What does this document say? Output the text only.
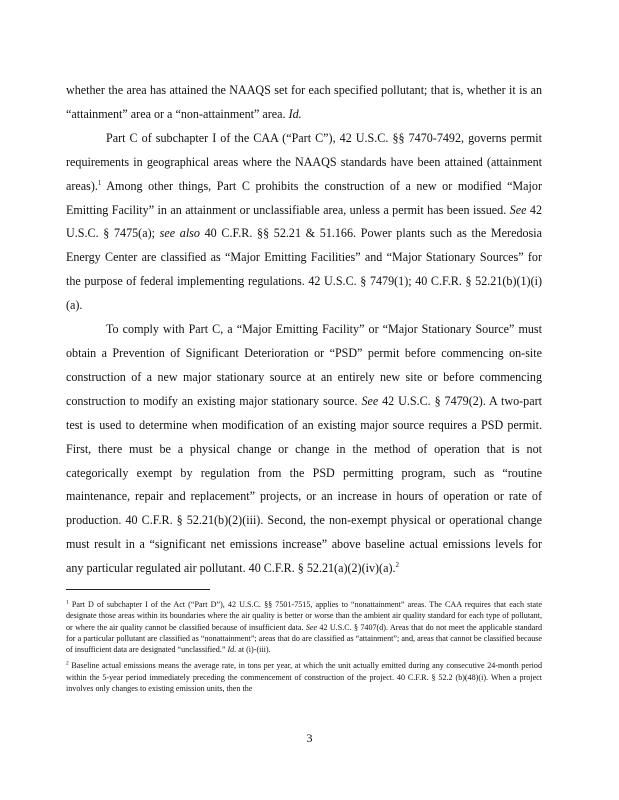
whether the area has attained the NAAQS set for each specified pollutant; that is, whether it is an “attainment” area or a “non-attainment” area. Id.

Part C of subchapter I of the CAA (“Part C”), 42 U.S.C. §§ 7470-7492, governs permit requirements in geographical areas where the NAAQS standards have been attained (attainment areas).$^1$ Among other things, Part C prohibits the construction of a new or modified “Major Emitting Facility” in an attainment or unclassifiable area, unless a permit has been issued. See 42 U.S.C. § 7475(a); see also 40 C.F.R. §§ 52.21 & 51.166. Power plants such as the Meredosia Energy Center are classified as “Major Emitting Facilities” and “Major Stationary Sources” for the purpose of federal implementing regulations. 42 U.S.C. § 7479(1); 40 C.F.R. § 52.21(b)(1)(i)(a).

To comply with Part C, a “Major Emitting Facility” or “Major Stationary Source” must obtain a Prevention of Significant Deterioration or “PSD” permit before commencing on-site construction of a new major stationary source at an entirely new site or before commencing construction to modify an existing major stationary source. See 42 U.S.C. § 7479(2). A two-part test is used to determine when modification of an existing major source requires a PSD permit. First, there must be a physical change or change in the method of operation that is not categorically exempt by regulation from the PSD permitting program, such as “routine maintenance, repair and replacement” projects, or an increase in hours of operation or rate of production. 40 C.F.R. § 52.21(b)(2)(iii). Second, the non-exempt physical or operational change must result in a “significant net emissions increase” above baseline actual emissions levels for any particular regulated air pollutant. 40 C.F.R. § 52.21(a)(2)(iv)(a).$^2$

$^1$ Part D of subchapter I of the Act (“Part D”), 42 U.S.C. §§ 7501-7515, applies to “nonattainment” areas. The CAA requires that each state designate those areas within its boundaries where the air quality is better or worse than the ambient air quality standard for each type of pollutant, or where the air quality cannot be classified because of insufficient data. See 42 U.S.C. § 7407(d). Areas that do not meet the applicable standard for a particular pollutant are classified as “nonattainment”; areas that do are classified as “attainment”; and, areas that cannot be classified because of insufficient data are designated “unclassified.” Id. at (i)-(iii).

$^2$ Baseline actual emissions means the average rate, in tons per year, at which the unit actually emitted during any consecutive 24-month period within the 5-year period immediately preceding the commencement of construction of the project. 40 C.F.R. § 52.2 (b)(48)(i). When a project involves only changes to existing emission units, then the

3
